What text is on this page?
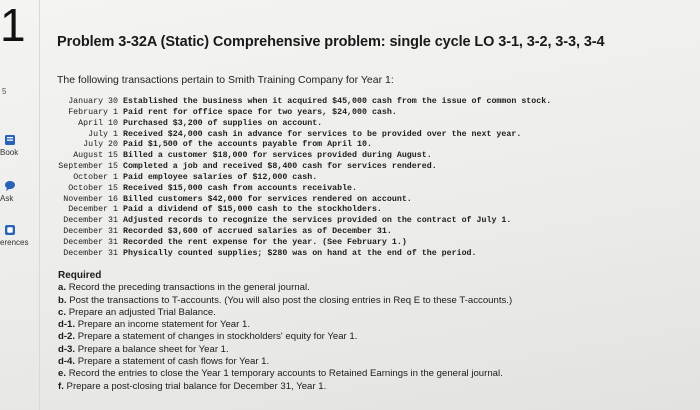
1
5
Book
Ask
erences
Problem 3-32A (Static) Comprehensive problem: single cycle LO 3-1, 3-2, 3-3, 3-4
The following transactions pertain to Smith Training Company for Year 1:
January 30	Established the business when it acquired $45,000 cash from the issue of common stock.
February 1	Paid rent for office space for two years, $24,000 cash.
April 10	Purchased $3,200 of supplies on account.
July 1	Received $24,000 cash in advance for services to be provided over the next year.
July 20	Paid $1,500 of the accounts payable from April 10.
August 15	Billed a customer $18,000 for services provided during August.
September 15	Completed a job and received $8,400 cash for services rendered.
October 1	Paid employee salaries of $12,000 cash.
October 15	Received $15,000 cash from accounts receivable.
November 16	Billed customers $42,000 for services rendered on account.
December 1	Paid a dividend of $15,000 cash to the stockholders.
December 31	Adjusted records to recognize the services provided on the contract of July 1.
December 31	Recorded $3,600 of accrued salaries as of December 31.
December 31	Recorded the rent expense for the year. (See February 1.)
December 31	Physically counted supplies; $280 was on hand at the end of the period.
Required
a. Record the preceding transactions in the general journal.
b. Post the transactions to T-accounts. (You will also post the closing entries in Req E to these T-accounts.)
c. Prepare an adjusted Trial Balance.
d-1. Prepare an income statement for Year 1.
d-2. Prepare a statement of changes in stockholders' equity for Year 1.
d-3. Prepare a balance sheet for Year 1.
d-4. Prepare a statement of cash flows for Year 1.
e. Record the entries to close the Year 1 temporary accounts to Retained Earnings in the general journal.
f. Prepare a post-closing trial balance for December 31, Year 1.
